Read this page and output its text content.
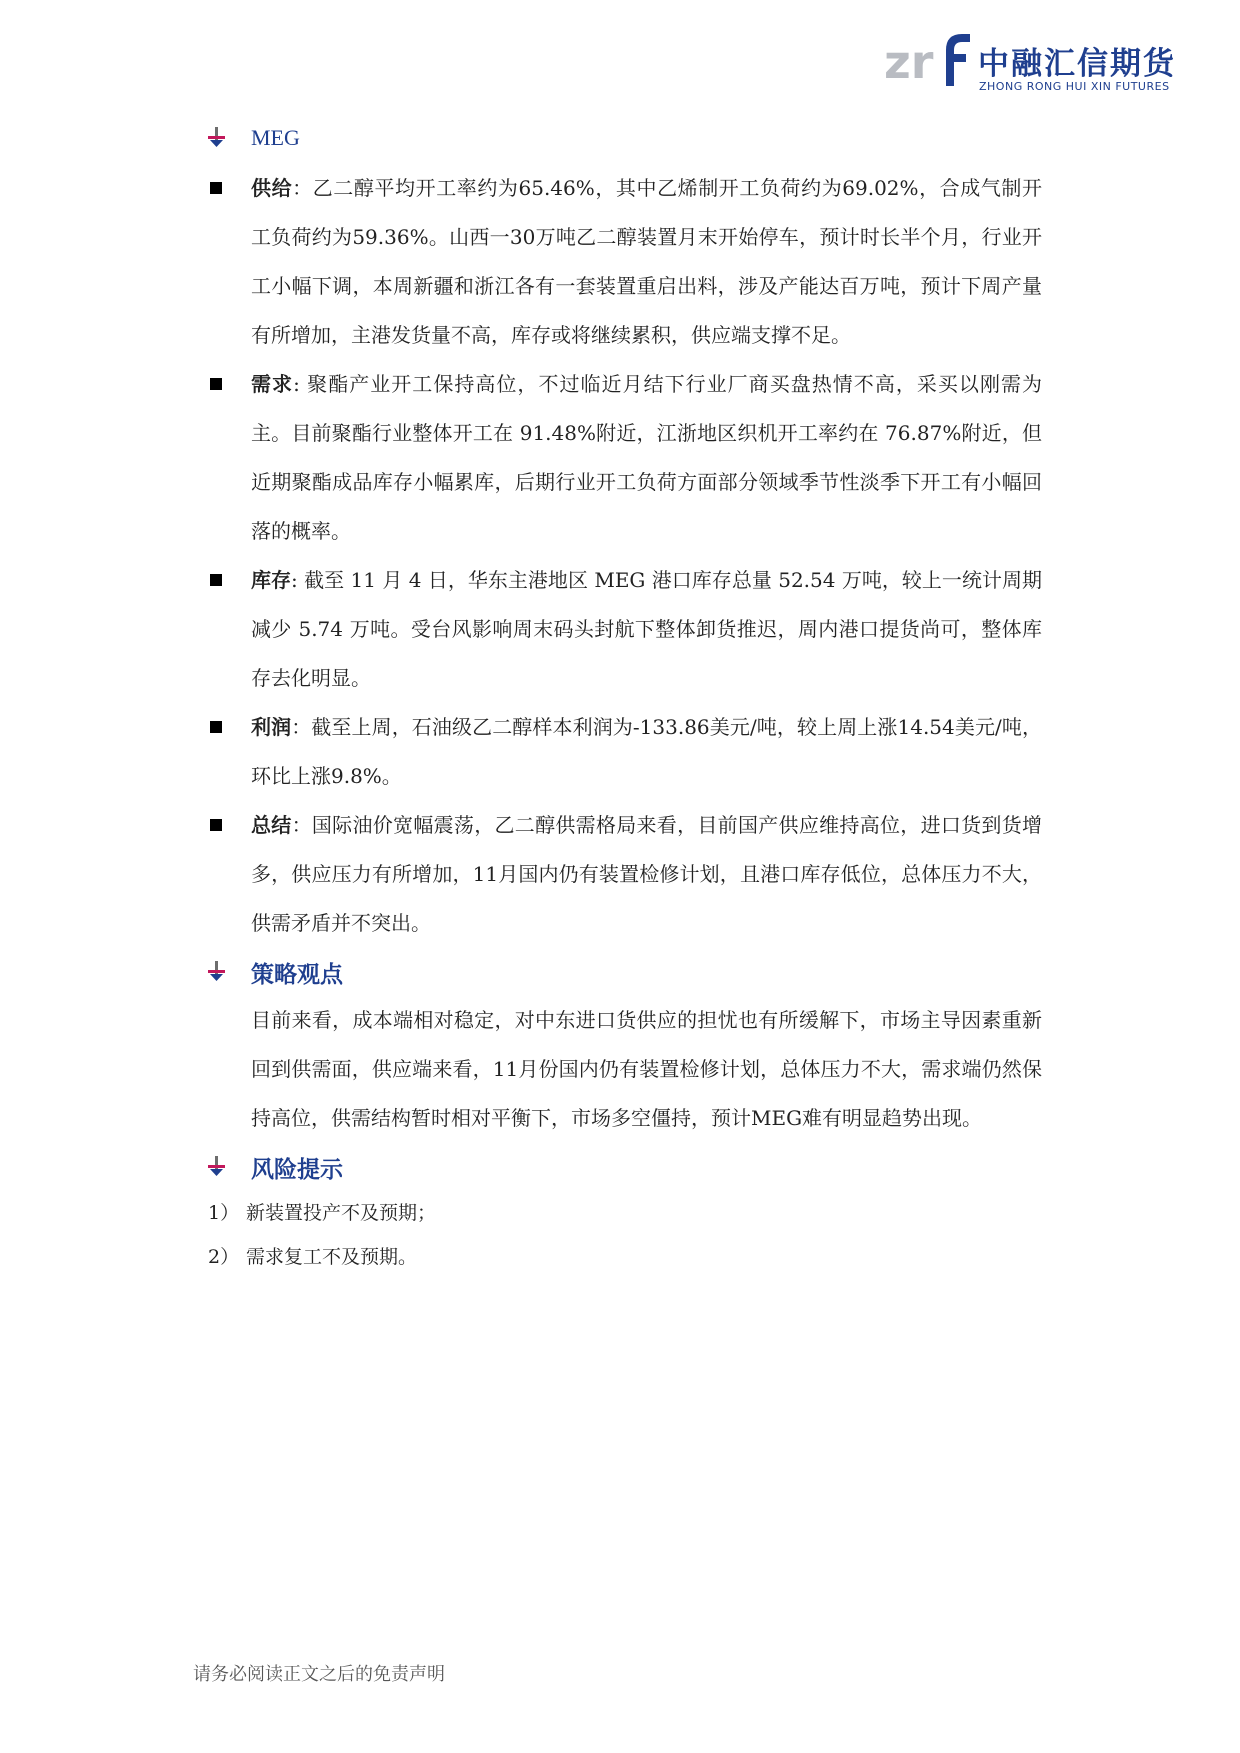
zr 中融汇信期货
ZHONG RONG HUI XIN FUTURES
MEG
供给：乙二醇平均开工率约为65.46%，其中乙烯制开工负荷约为69.02%，合成气制开工负荷约为59.36%。山西一30万吨乙二醇装置月末开始停车，预计时长半个月，行业开工小幅下调，本周新疆和浙江各有一套装置重启出料，涉及产能达百万吨，预计下周产量有所增加，主港发货量不高，库存或将继续累积，供应端支撑不足。
需求: 聚酯产业开工保持高位，不过临近月结下行业厂商买盘热情不高，采买以刚需为主。目前聚酯行业整体开工在 91.48%附近，江浙地区织机开工率约在 76.87%附近，但近期聚酯成品库存小幅累库，后期行业开工负荷方面部分领域季节性淡季下开工有小幅回落的概率。
库存: 截至 11 月 4 日，华东主港地区 MEG 港口库存总量 52.54 万吨，较上一统计周期减少 5.74 万吨。受台风影响周末码头封航下整体卸货推迟，周内港口提货尚可，整体库存去化明显。
利润：截至上周，石油级乙二醇样本利润为-133.86美元/吨，较上周上涨14.54美元/吨，环比上涨9.8%。
总结：国际油价宽幅震荡，乙二醇供需格局来看，目前国产供应维持高位，进口货到货增多，供应压力有所增加，11月国内仍有装置检修计划，且港口库存低位，总体压力不大，供需矛盾并不突出。
策略观点
目前来看，成本端相对稳定，对中东进口货供应的担忧也有所缓解下，市场主导因素重新回到供需面，供应端来看，11月份国内仍有装置检修计划，总体压力不大，需求端仍然保持高位，供需结构暂时相对平衡下，市场多空僵持，预计MEG难有明显趋势出现。
风险提示
1） 新装置投产不及预期；
2） 需求复工不及预期。
请务必阅读正文之后的免责声明
